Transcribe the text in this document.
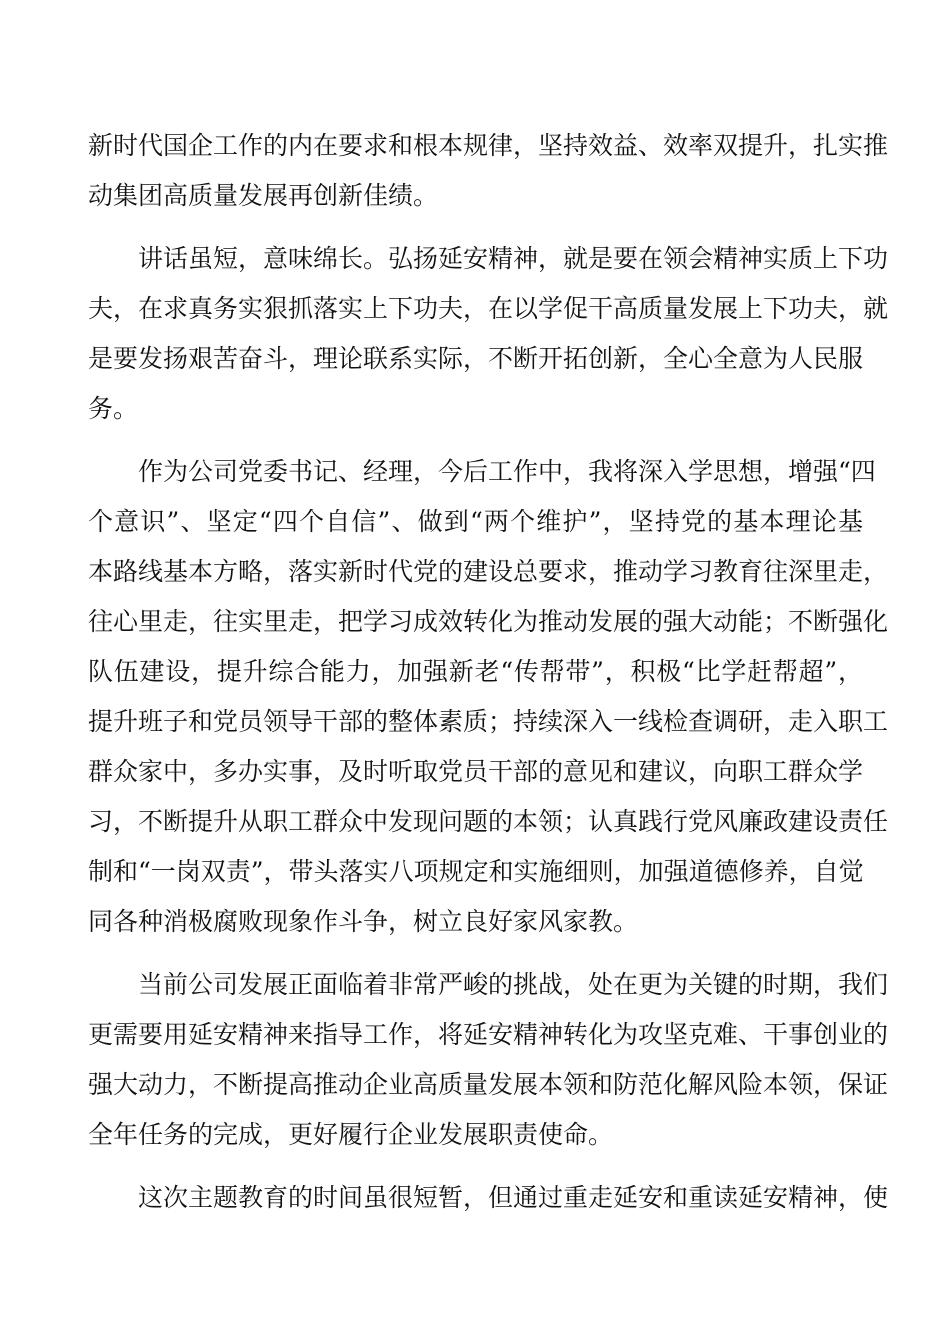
新时代国企工作的内在要求和根本规律，坚持效益、效率双提升，扎实推

动集团高质量发展再创新佳绩。

讲话虽短，意味绵长。弘扬延安精神，就是要在领会精神实质上下功

夫，在求真务实狠抓落实上下功夫，在以学促干高质量发展上下功夫，就

是要发扬艰苦奋斗，理论联系实际，不断开拓创新，全心全意为人民服

务。

作为公司党委书记、经理，今后工作中，我将深入学思想，增强“四

个意识”、坚定“四个自信”、做到“两个维护”，坚持党的基本理论基

本路线基本方略，落实新时代党的建设总要求，推动学习教育往深里走，

往心里走，往实里走，把学习成效转化为推动发展的强大动能；不断强化

队伍建设，提升综合能力，加强新老“传帮带”，积极“比学赶帮超”，

提升班子和党员领导干部的整体素质；持续深入一线检查调研，走入职工

群众家中，多办实事，及时听取党员干部的意见和建议，向职工群众学

习，不断提升从职工群众中发现问题的本领；认真践行党风廉政建设责任

制和“一岗双责”，带头落实八项规定和实施细则，加强道德修养，自觉

同各种消极腐败现象作斗争，树立良好家风家教。

当前公司发展正面临着非常严峻的挑战，处在更为关键的时期，我们

更需要用延安精神来指导工作，将延安精神转化为攻坚克难、干事创业的

强大动力，不断提高推动企业高质量发展本领和防范化解风险本领，保证

全年任务的完成，更好履行企业发展职责使命。

这次主题教育的时间虽很短暂，但通过重走延安和重读延安精神，使
